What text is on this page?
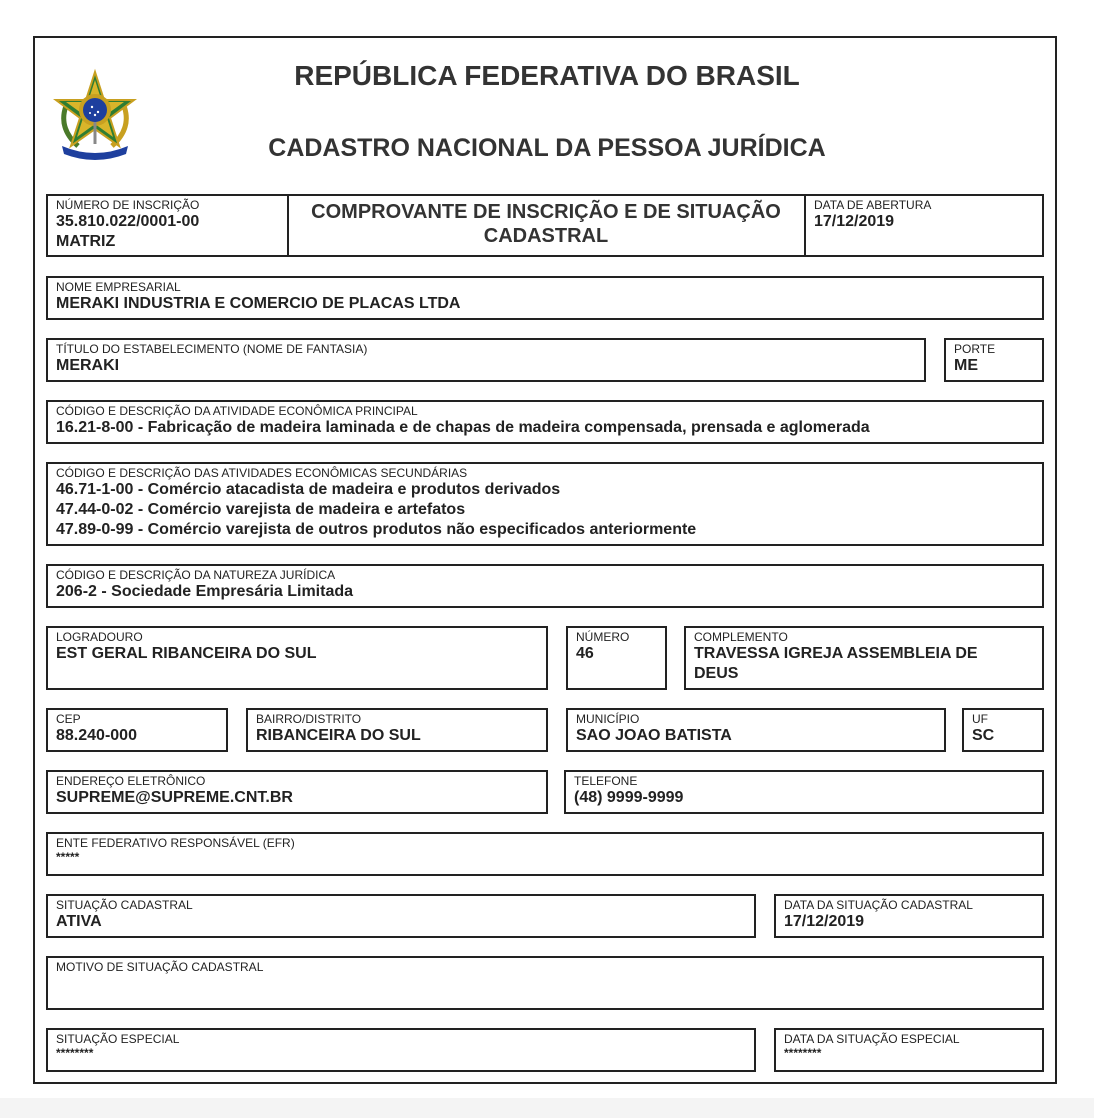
REPÚBLICA FEDERATIVA DO BRASIL
CADASTRO NACIONAL DA PESSOA JURÍDICA
NÚMERO DE INSCRIÇÃO
35.810.022/0001-00
MATRIZ
COMPROVANTE DE INSCRIÇÃO E DE SITUAÇÃO
CADASTRAL
DATA DE ABERTURA
17/12/2019
NOME EMPRESARIAL
MERAKI INDUSTRIA E COMERCIO DE PLACAS LTDA
TÍTULO DO ESTABELECIMENTO (NOME DE FANTASIA)
MERAKI
PORTE
ME
CÓDIGO E DESCRIÇÃO DA ATIVIDADE ECONÔMICA PRINCIPAL
16.21-8-00 - Fabricação de madeira laminada e de chapas de madeira compensada, prensada e aglomerada
CÓDIGO E DESCRIÇÃO DAS ATIVIDADES ECONÔMICAS SECUNDÁRIAS
46.71-1-00 - Comércio atacadista de madeira e produtos derivados
47.44-0-02 - Comércio varejista de madeira e artefatos
47.89-0-99 - Comércio varejista de outros produtos não especificados anteriormente
CÓDIGO E DESCRIÇÃO DA NATUREZA JURÍDICA
206-2 - Sociedade Empresária Limitada
LOGRADOURO
EST GERAL RIBANCEIRA DO SUL
NÚMERO
46
COMPLEMENTO
TRAVESSA IGREJA ASSEMBLEIA DE
DEUS
CEP
88.240-000
BAIRRO/DISTRITO
RIBANCEIRA DO SUL
MUNICÍPIO
SAO JOAO BATISTA
UF
SC
ENDEREÇO ELETRÔNICO
SUPREME@SUPREME.CNT.BR
TELEFONE
(48) 9999-9999
ENTE FEDERATIVO RESPONSÁVEL (EFR)
*****
SITUAÇÃO CADASTRAL
ATIVA
DATA DA SITUAÇÃO CADASTRAL
17/12/2019
MOTIVO DE SITUAÇÃO CADASTRAL
SITUAÇÃO ESPECIAL
********
DATA DA SITUAÇÃO ESPECIAL
********
